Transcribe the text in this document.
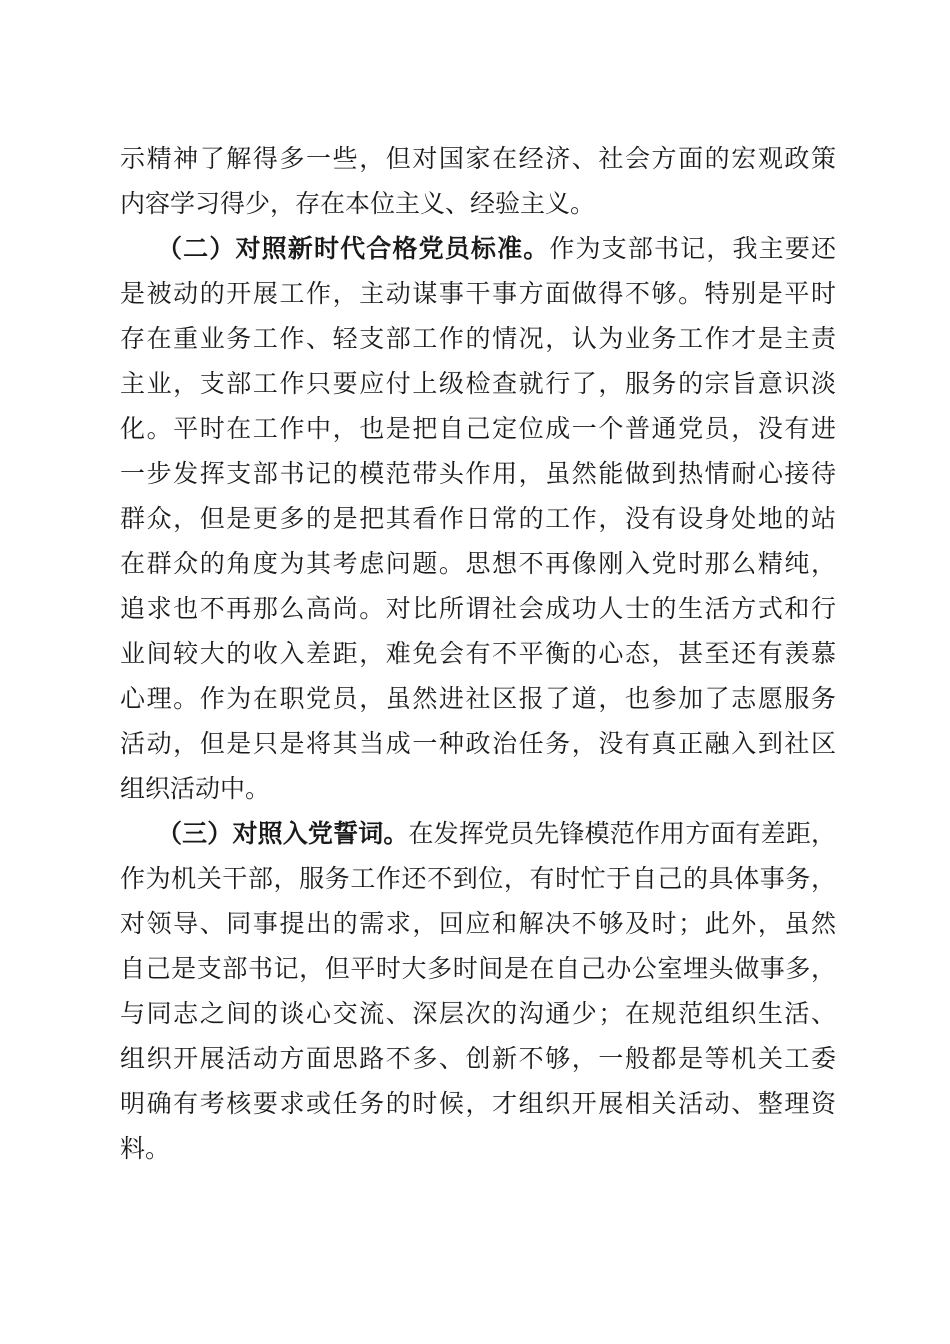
示精神了解得多一些，但对国家在经济、社会方面的宏观政策
内容学习得少，存在本位主义、经验主义。
（二）对照新时代合格党员标准。作为支部书记，我主要还
是被动的开展工作，主动谋事干事方面做得不够。特别是平时
存在重业务工作、轻支部工作的情况，认为业务工作才是主责
主业，支部工作只要应付上级检查就行了，服务的宗旨意识淡
化。平时在工作中，也是把自己定位成一个普通党员，没有进
一步发挥支部书记的模范带头作用，虽然能做到热情耐心接待
群众，但是更多的是把其看作日常的工作，没有设身处地的站
在群众的角度为其考虑问题。思想不再像刚入党时那么精纯，
追求也不再那么高尚。对比所谓社会成功人士的生活方式和行
业间较大的收入差距，难免会有不平衡的心态，甚至还有羡慕
心理。作为在职党员，虽然进社区报了道，也参加了志愿服务
活动，但是只是将其当成一种政治任务，没有真正融入到社区
组织活动中。
（三）对照入党誓词。在发挥党员先锋模范作用方面有差距，
作为机关干部，服务工作还不到位，有时忙于自己的具体事务，
对领导、同事提出的需求，回应和解决不够及时；此外，虽然
自己是支部书记，但平时大多时间是在自己办公室埋头做事多，
与同志之间的谈心交流、深层次的沟通少；在规范组织生活、
组织开展活动方面思路不多、创新不够，一般都是等机关工委
明确有考核要求或任务的时候，才组织开展相关活动、整理资
料。
